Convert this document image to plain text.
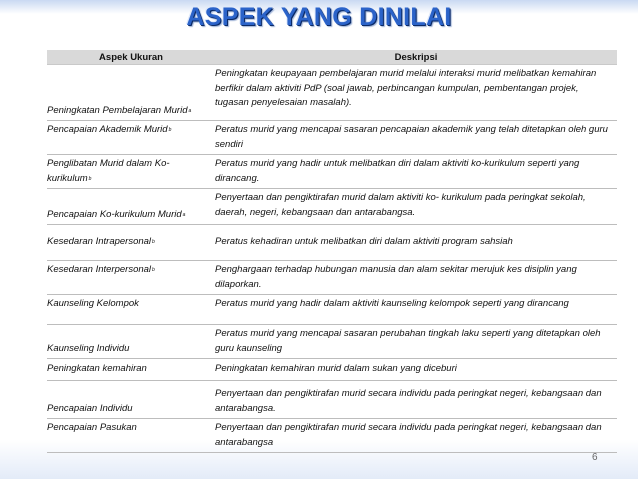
ASPEK YANG DINILAI
Aspek Ukuran	Deskripsi
Peningkatan Pembelajaran Murid$^a$	Peningkatan keupayaan pembelajaran murid melalui interaksi murid melibatkan kemahiran berfikir dalam aktiviti PdP (soal jawab, perbincangan kumpulan, pembentangan projek, tugasan penyelesaian masalah).
Pencapaian Akademik Murid$^b$	Peratus murid yang mencapai sasaran pencapaian akademik yang telah ditetapkan oleh guru sendiri
Penglibatan Murid dalam Ko-kurikulum$^b$	Peratus murid yang hadir untuk melibatkan diri dalam aktiviti ko-kurikulum seperti yang dirancang.
Pencapaian Ko-kurikulum Murid$^a$	Penyertaan dan pengiktirafan murid dalam aktiviti ko- kurikulum pada peringkat sekolah, daerah, negeri, kebangsaan dan antarabangsa.
Kesedaran Intrapersonal$^b$	Peratus kehadiran untuk melibatkan diri dalam aktiviti program sahsiah
Kesedaran Interpersonal$^b$	Penghargaan terhadap hubungan manusia dan alam sekitar merujuk kes disiplin yang dilaporkan.
Kaunseling Kelompok	Peratus murid yang hadir dalam aktiviti kaunseling kelompok seperti yang dirancang
Kaunseling Individu	Peratus murid yang mencapai sasaran perubahan tingkah laku seperti yang ditetapkan oleh guru kaunseling
Peningkatan kemahiran	Peningkatan kemahiran murid dalam sukan yang diceburi
Pencapaian Individu	Penyertaan dan pengiktirafan murid secara individu pada peringkat negeri, kebangsaan dan antarabangsa.
Pencapaian Pasukan	Penyertaan dan pengiktirafan murid secara individu pada peringkat negeri, kebangsaan dan antarabangsa
6
